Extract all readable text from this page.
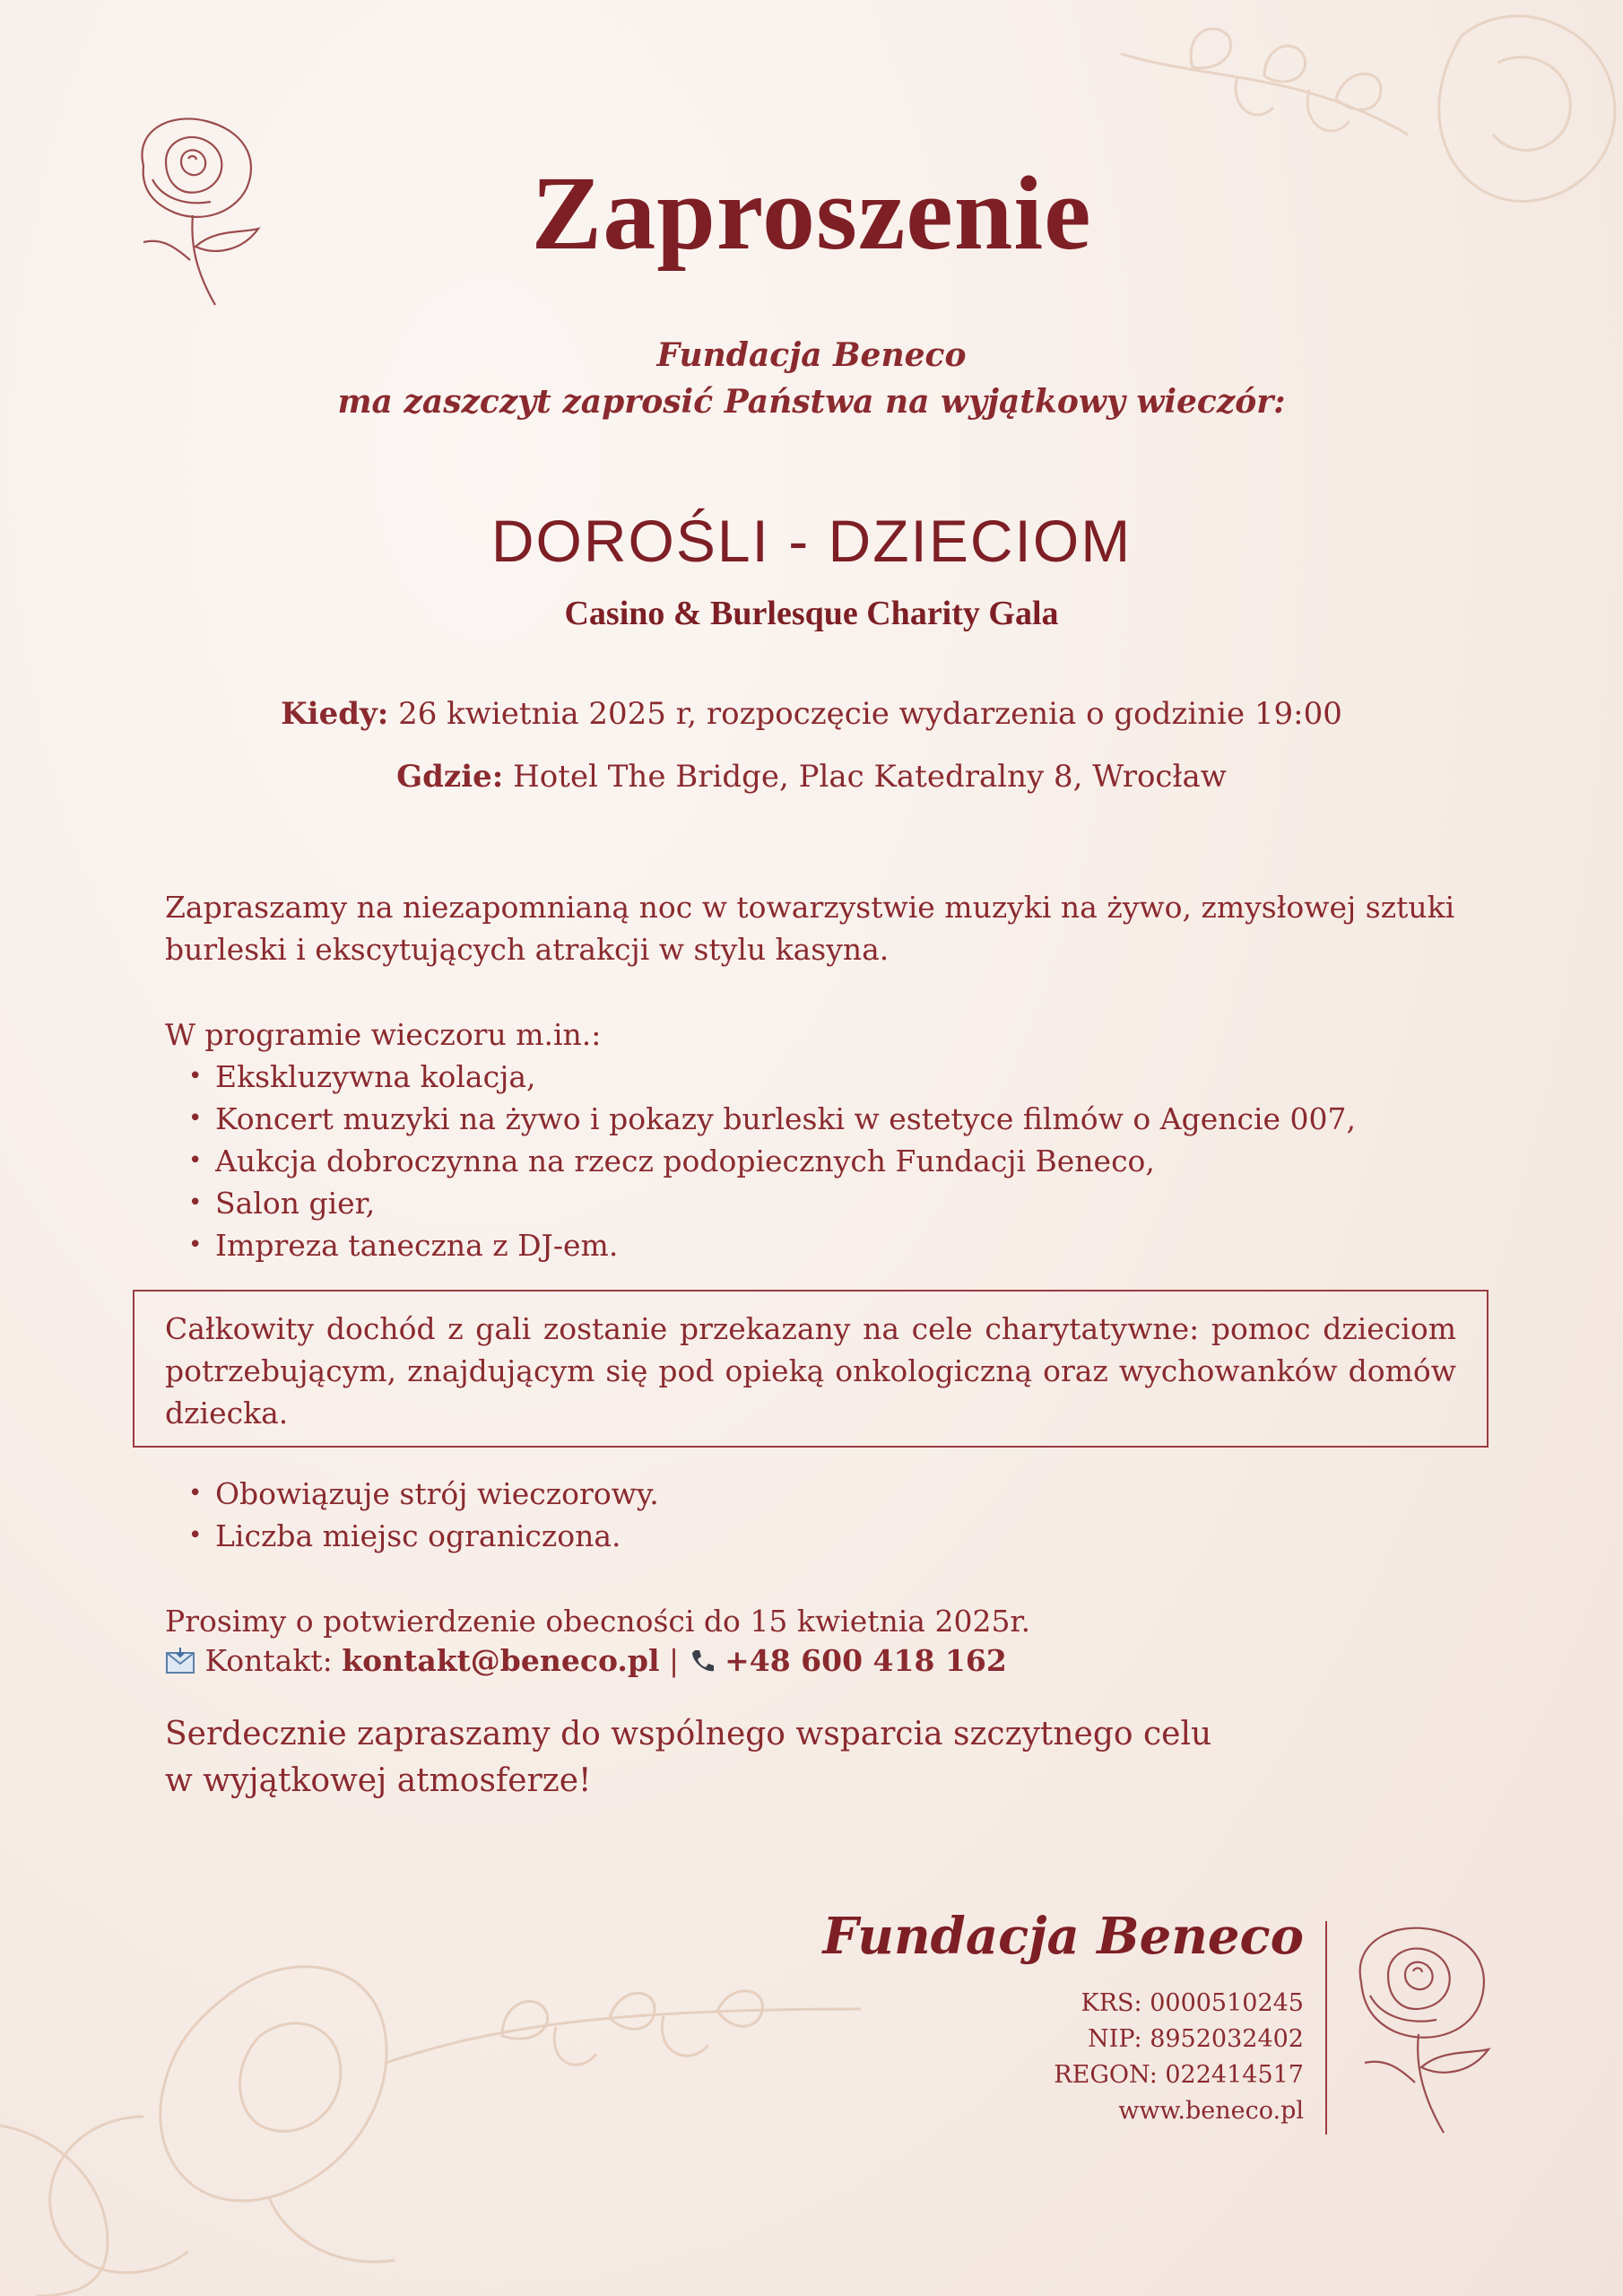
Zaproszenie
Fundacja Beneco
ma zaszczyt zaprosić Państwa na wyjątkowy wieczór:
DOROŚLI - DZIECIOM
Casino & Burlesque Charity Gala
Kiedy: 26 kwietnia 2025 r, rozpoczęcie wydarzenia o godzinie 19:00
Gdzie: Hotel The Bridge, Plac Katedralny 8, Wrocław
Zapraszamy na niezapomnianą noc w towarzystwie muzyki na żywo, zmysłowej sztuki burleski i ekscytujących atrakcji w stylu kasyna.
W programie wieczoru m.in.:
• Ekskluzywna kolacja,
• Koncert muzyki na żywo i pokazy burleski w estetyce filmów o Agencie 007,
• Aukcja dobroczynna na rzecz podopiecznych Fundacji Beneco,
• Salon gier,
• Impreza taneczna z DJ-em.
Całkowity dochód z gali zostanie przekazany na cele charytatywne: pomoc dzieciom potrzebującym, znajdującym się pod opieką onkologiczną oraz wychowanków domów dziecka.
• Obowiązuje strój wieczorowy.
• Liczba miejsc ograniczona.
Prosimy o potwierdzenie obecności do 15 kwietnia 2025r.
Kontakt: kontakt@beneco.pl | +48 600 418 162
Serdecznie zapraszamy do wspólnego wsparcia szczytnego celu
w wyjątkowej atmosferze!
Fundacja Beneco
KRS: 0000510245
NIP: 8952032402
REGON: 022414517
www.beneco.pl
